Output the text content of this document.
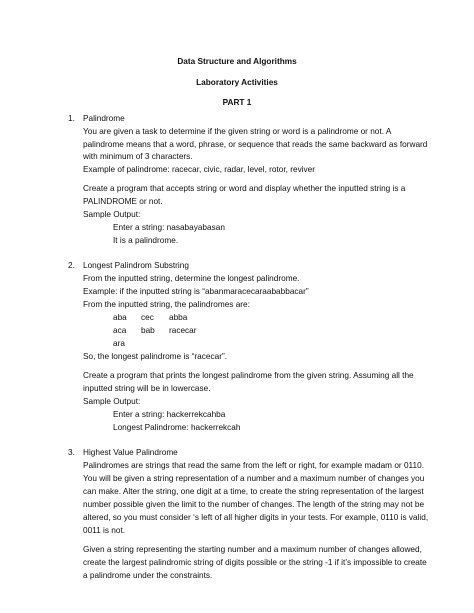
Data Structure and Algorithms
Laboratory Activities
PART 1
1. Palindrome
You are given a task to determine if the given string or word is a palindrome or not. A
palindrome means that a word, phrase, or sequence that reads the same backward as forward
with minimum of 3 characters.
Example of palindrome: racecar, civic, radar, level, rotor, reviver
Create a program that accepts string or word and display whether the inputted string is a
PALINDROME or not.
Sample Output:
Enter a string: nasabayabasan
It is a palindrome.
2. Longest Palindrom Substring
From the inputted string, determine the longest palindrome.
Example: if the inputted string is “abanmaracecaraababbacar”
From the inputted string, the palindromes are:
aba cec abba
aca bab racecar
ara
So, the longest palindrome is “racecar”.
Create a program that prints the longest palindrome from the given string. Assuming all the
inputted string will be in lowercase.
Sample Output:
Enter a string: hackerrekcahba
Longest Palindrome: hackerrekcah
3. Highest Value Palindrome
Palindromes are strings that read the same from the left or right, for example madam or 0110.
You will be given a string representation of a number and a maximum number of changes you
can make. Alter the string, one digit at a time, to create the string representation of the largest
number possible given the limit to the number of changes. The length of the string may not be
altered, so you must consider ‘s left of all higher digits in your tests. For example, 0110 is valid,
0011 is not.
Given a string representing the starting number and a maximum number of changes allowed,
create the largest palindromic string of digits possible or the string -1 if it’s impossible to create
a palindrome under the constraints.
